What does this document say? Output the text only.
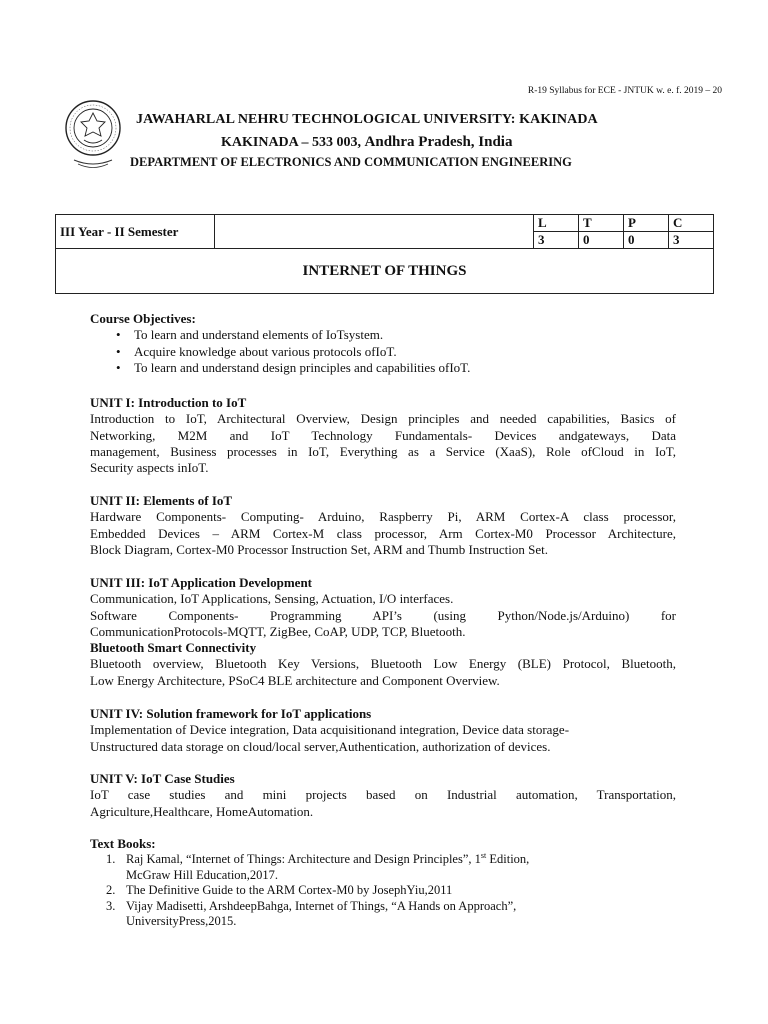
R-19 Syllabus for ECE - JNTUK w. e. f. 2019 – 20
JAWAHARLAL NEHRU TECHNOLOGICAL UNIVERSITY: KAKINADA
KAKINADA – 533 003, Andhra Pradesh, India
DEPARTMENT OF ELECTRONICS AND COMMUNICATION ENGINEERING
III Year - II Semester		L	T	P	C
		3	0	0	3
INTERNET OF THINGS					
Course Objectives:
• To learn and understand elements of IoTsystem.
• Acquire knowledge about various protocols ofIoT.
• To learn and understand design principles and capabilities ofIoT.
UNIT I: Introduction to IoT
Introduction to IoT, Architectural Overview, Design principles and needed capabilities, Basics of
Networking, M2M and IoT Technology Fundamentals- Devices andgateways, Data
management, Business processes in IoT, Everything as a Service (XaaS), Role ofCloud in IoT,
Security aspects inIoT.
UNIT II: Elements of IoT
Hardware Components- Computing- Arduino, Raspberry Pi, ARM Cortex-A class processor,
Embedded Devices – ARM Cortex-M class processor, Arm Cortex-M0 Processor Architecture,
Block Diagram, Cortex-M0 Processor Instruction Set, ARM and Thumb Instruction Set.
UNIT III: IoT Application Development
Communication, IoT Applications, Sensing, Actuation, I/O interfaces.
Software Components- Programming API’s (using Python/Node.js/Arduino) for
CommunicationProtocols-MQTT, ZigBee, CoAP, UDP, TCP, Bluetooth.
Bluetooth Smart Connectivity
Bluetooth overview, Bluetooth Key Versions, Bluetooth Low Energy (BLE) Protocol, Bluetooth,
Low Energy Architecture, PSoC4 BLE architecture and Component Overview.
UNIT IV: Solution framework for IoT applications
Implementation of Device integration, Data acquisitionand integration, Device data storage-
Unstructured data storage on cloud/local server,Authentication, authorization of devices.
UNIT V: IoT Case Studies
IoT case studies and mini projects based on Industrial automation, Transportation,
Agriculture,Healthcare, HomeAutomation.
Text Books:
1. Raj Kamal, “Internet of Things: Architecture and Design Principles”, 1st Edition,
McGraw Hill Education,2017.
2. The Definitive Guide to the ARM Cortex-M0 by JosephYiu,2011
3. Vijay Madisetti, ArshdeepBahga, Internet of Things, “A Hands on Approach”,
UniversityPress,2015.
